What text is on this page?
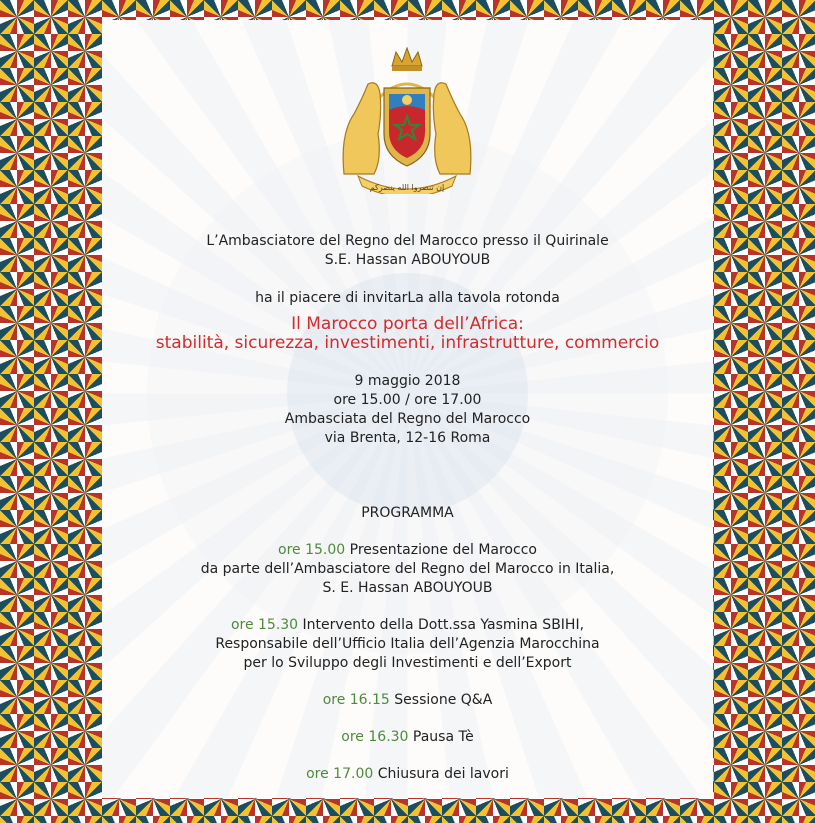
إن تنصروا الله ينصركم
L’Ambasciatore del Regno del Marocco presso il Quirinale
S.E. Hassan ABOUYOUB
ha il piacere di invitarLa alla tavola rotonda
Il Marocco porta dell’Africa:
stabilità, sicurezza, investimenti, infrastrutture, commercio
9 maggio 2018
ore 15.00 / ore 17.00
Ambasciata del Regno del Marocco
via Brenta, 12-16 Roma
PROGRAMMA
ore 15.00 Presentazione del Marocco
da parte dell’Ambasciatore del Regno del Marocco in Italia,
S. E. Hassan ABOUYOUB
ore 15.30 Intervento della Dott.ssa Yasmina SBIHI,
Responsabile dell’Ufficio Italia dell’Agenzia Marocchina
per lo Sviluppo degli Investimenti e dell’Export
ore 16.15 Sessione Q&A
ore 16.30 Pausa Tè
ore 17.00 Chiusura dei lavori
